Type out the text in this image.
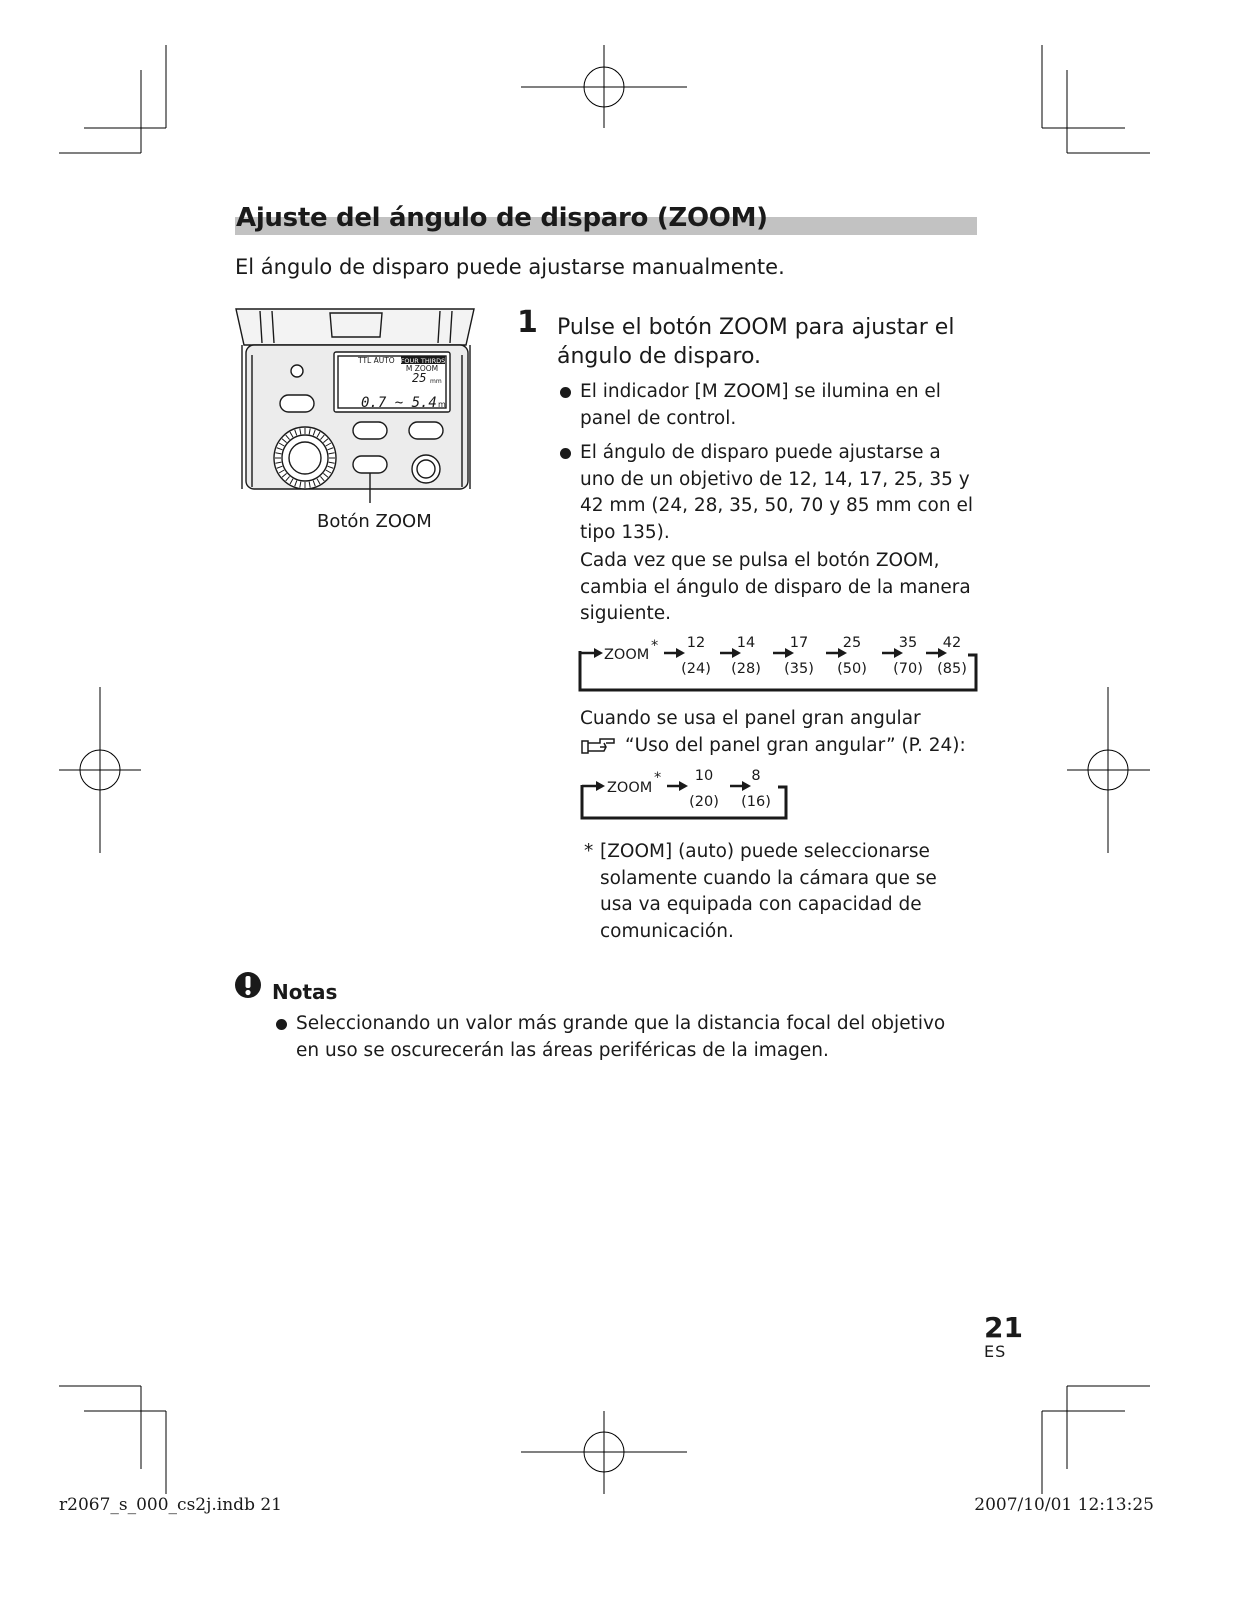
Ajuste del ángulo de disparo (ZOOM)
El ángulo de disparo puede ajustarse manualmente.
TTL AUTO FOUR THIRDS
M ZOOM
25 mm
0.7 ~ 5.4 m
Botón ZOOM
1 Pulse el botón ZOOM para ajustar el ángulo de disparo.
El indicador [M ZOOM] se ilumina en el panel de control.
El ángulo de disparo puede ajustarse a uno de un objetivo de 12, 14, 17, 25, 35 y 42 mm (24, 28, 35, 50, 70 y 85 mm con el tipo 135).
Cada vez que se pulsa el botón ZOOM, cambia el ángulo de disparo de la manera siguiente.
ZOOM
* 12
(24)
14
(28)
17
(35)
25
(50)
35
(70)
42
(85)
Cuando se usa el panel gran angular
“Uso del panel gran angular” (P. 24):
ZOOM
* 10
(20)
8
(16)
* [ZOOM] (auto) puede seleccionarse solamente cuando la cámara que se usa va equipada con capacidad de comunicación.
Notas
Seleccionando un valor más grande que la distancia focal del objetivo en uso se oscurecerán las áreas periféricas de la imagen.
21
ES
r2067_s_000_cs2j.indb 21	2007/10/01 12:13:25
